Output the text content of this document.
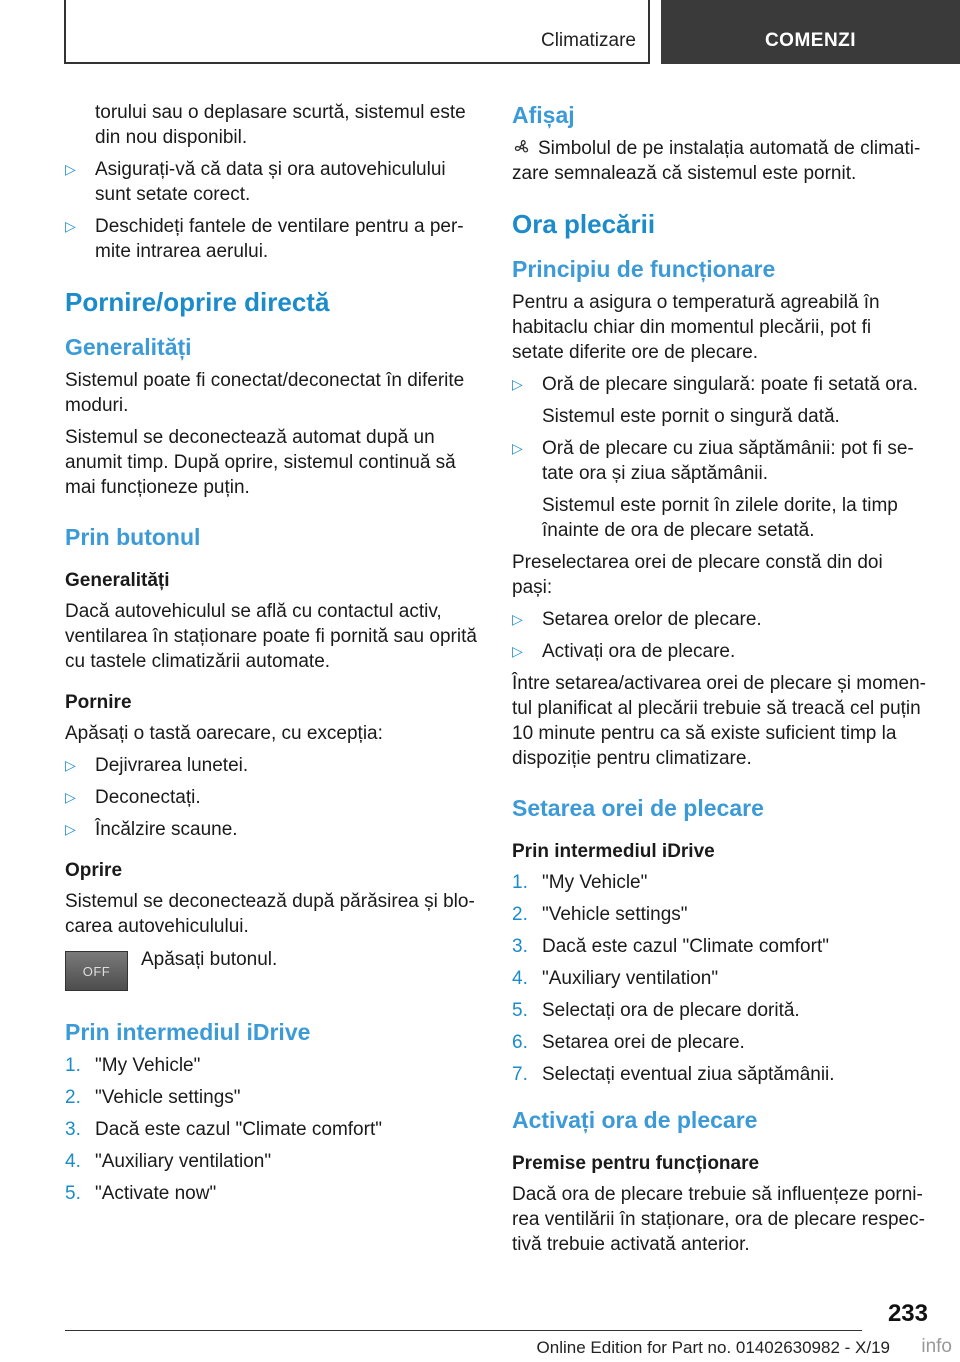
Climatizare	COMENZI

torului sau o deplasare scurtă, sistemul este din nou disponibil.

▷
Asigurați-vă că data și ora autovehiculului sunt setate corect.
▷
Deschideți fantele de ventilare pentru a permite intrarea aerului.
Pornire/oprire directă
Generalități

Sistemul poate fi conectat/deconectat în diferite moduri.

Sistemul se deconectează automat după un anumit timp. După oprire, sistemul continuă să mai funcționeze puțin.

Prin butonul
Generalități

Dacă autovehiculul se află cu contactul activ, ventilarea în staționare poate fi pornită sau oprită cu tastele climatizării automate.

Pornire

Apăsați o tastă oarecare, cu excepția:

▷
Dejivrarea lunetei.
▷
Deconectați.
▷
Încălzire scaune.
Oprire

Sistemul se deconectează după părăsirea și blocarea autovehiculului.

OFF
Apăsați butonul.
Prin intermediul iDrive
1. "My Vehicle"
2. "Vehicle settings"
3. Dacă este cazul "Climate comfort"
4. "Auxiliary ventilation"
5. "Activate now"
Afișaj

Simbolul de pe instalația automată de climatizare semnalează că sistemul este pornit.

Ora plecării
Principiu de funcționare

Pentru a asigura o temperatură agreabilă în habitaclu chiar din momentul plecării, pot fi setate diferite ore de plecare.

▷
Oră de plecare singulară: poate fi setată ora.

Sistemul este pornit o singură dată.

▷
Oră de plecare cu ziua săptămânii: pot fi setate ora și ziua săptămânii.

Sistemul este pornit în zilele dorite, la timp înainte de ora de plecare setată.

Preselectarea orei de plecare constă din doi pași:

▷
Setarea orelor de plecare.
▷
Activați ora de plecare.

Între setarea/activarea orei de plecare și momentul planificat al plecării trebuie să treacă cel puțin 10 minute pentru ca să existe suficient timp la dispoziție pentru climatizare.

Setarea orei de plecare
Prin intermediul iDrive
1. "My Vehicle"
2. "Vehicle settings"
3. Dacă este cazul "Climate comfort"
4. "Auxiliary ventilation"
5. Selectați ora de plecare dorită.
6. Setarea orei de plecare.
7. Selectați eventual ziua săptămânii.
Activați ora de plecare
Premise pentru funcționare

Dacă ora de plecare trebuie să influențeze pornirea ventilării în staționare, ora de plecare respectivă trebuie activată anterior.

233
Online Edition for Part no. 01402630982 - X/19 info
